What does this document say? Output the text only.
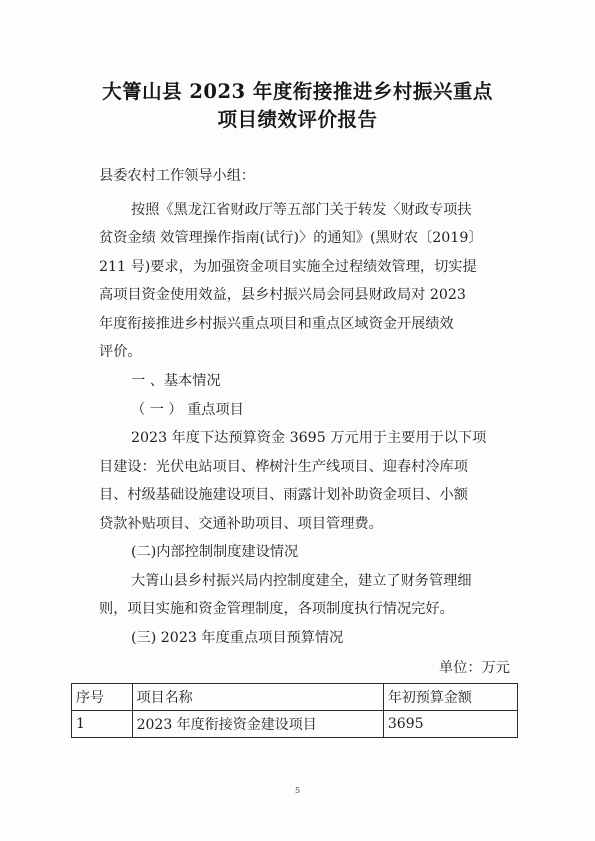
大箐山县 2023 年度衔接推进乡村振兴重点
项目绩效评价报告
县委农村工作领导小组：
按照《黑龙江省财政厅等五部门关于转发〈财政专项扶
贫资金绩 效管理操作指南(试行)〉的通知》(黑财农〔2019〕
211 号)要求，为加强资金项目实施全过程绩效管理，切实提
高项目资金使用效益，县乡村振兴局会同县财政局对 2023
年度衔接推进乡村振兴重点项目和重点区域资金开展绩效
评价。
一 、基本情况
（ 一 ） 重点项目
2023 年度下达预算资金 3695 万元用于主要用于以下项
目建设：光伏电站项目、桦树汁生产线项目、迎春村冷库项
目、村级基础设施建设项目、雨露计划补助资金项目、小额
贷款补贴项目、交通补助项目、项目管理费。
(二)内部控制制度建设情况
大箐山县乡村振兴局内控制度建全，建立了财务管理细
则，项目实施和资金管理制度，各项制度执行情况完好。
(三) 2023 年度重点项目预算情况
单位：万元
序号	项目名称	年初预算金额
1	2023 年度衔接资金建设项目	3695
5
